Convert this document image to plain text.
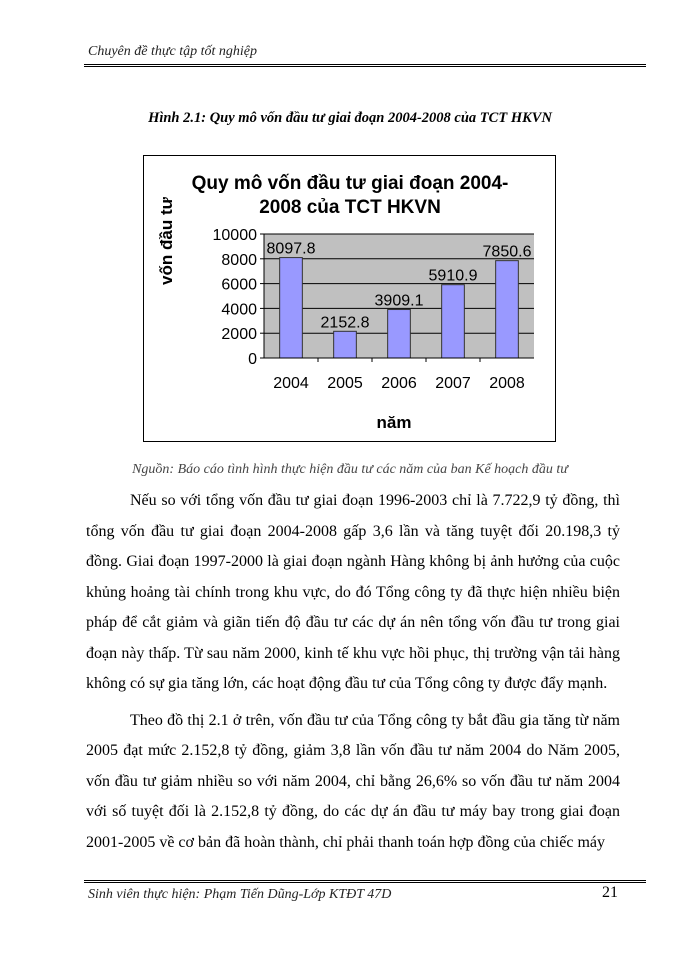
Chuyên đề thực tập tốt nghiệp
Hình 2.1: Quy mô vốn đầu tư giai đoạn 2004-2008 của TCT HKVN
Quy mô vốn đầu tư giai đoạn 2004-
2008 của TCT HKVN
8097.8
2152.8
3909.1
5910.9
7850.6
10000
8000
6000
4000
2000
0
2004 2005 2006 2007 2008
vốn đầu tư
năm
Nguồn: Báo cáo tình hình thực hiện đầu tư các năm của ban Kế hoạch đầu tư

Nếu so với tổng vốn đầu tư giai đoạn 1996-2003 chỉ là 7.722,9 tỷ đồng, thì tổng vốn đầu tư giai đoạn 2004-2008 gấp 3,6 lần và tăng tuyệt đối 20.198,3 tỷ đồng. Giai đoạn 1997-2000 là giai đoạn ngành Hàng không bị ảnh hưởng của cuộc khủng hoảng tài chính trong khu vực, do đó Tổng công ty đã thực hiện nhiều biện pháp để cắt giảm và giãn tiến độ đầu tư các dự án nên tổng vốn đầu tư trong giai đoạn này thấp. Từ sau năm 2000, kinh tế khu vực hồi phục, thị trường vận tải hàng không có sự gia tăng lớn, các hoạt động đầu tư của Tổng công ty được đẩy mạnh.

Theo đồ thị 2.1 ở trên, vốn đầu tư của Tổng công ty bắt đầu gia tăng từ năm 2005 đạt mức 2.152,8 tỷ đồng, giảm 3,8 lần vốn đầu tư năm 2004 do Năm 2005, vốn đầu tư giảm nhiều so với năm 2004, chỉ bằng 26,6% so vốn đầu tư năm 2004 với số tuyệt đối là 2.152,8 tỷ đồng, do các dự án đầu tư máy bay trong giai đoạn 2001-2005 về cơ bản đã hoàn thành, chỉ phải thanh toán hợp đồng của chiếc máy

Sinh viên thực hiện: Phạm Tiến Dũng-Lớp KTĐT 47D	21
